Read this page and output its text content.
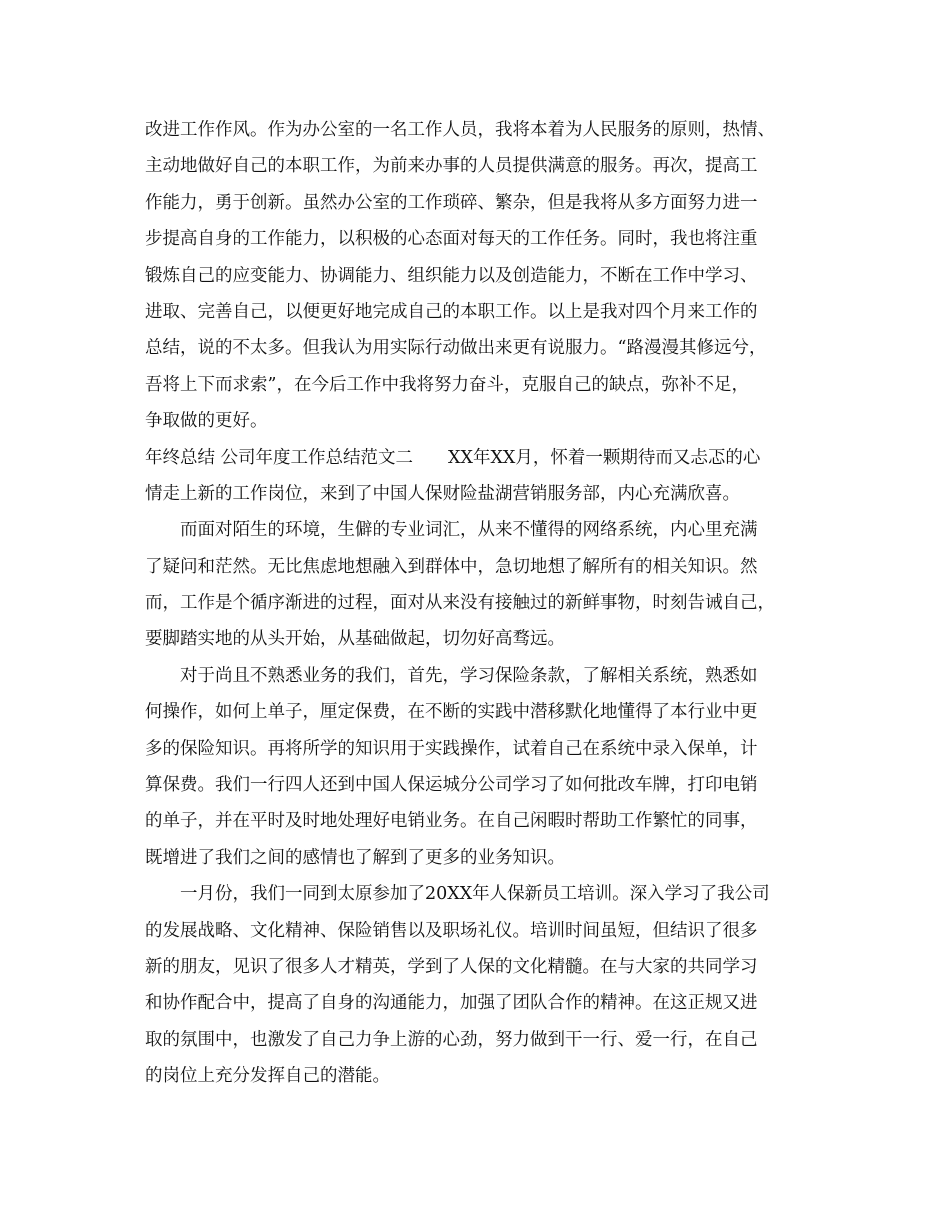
改进工作作风。作为办公室的一名工作人员，我将本着为人民服务的原则，热情、
主动地做好自己的本职工作，为前来办事的人员提供满意的服务。再次，提高工
作能力，勇于创新。虽然办公室的工作琐碎、繁杂，但是我将从多方面努力进一
步提高自身的工作能力，以积极的心态面对每天的工作任务。同时，我也将注重
锻炼自己的应变能力、协调能力、组织能力以及创造能力，不断在工作中学习、
进取、完善自己，以便更好地完成自己的本职工作。以上是我对四个月来工作的
总结，说的不太多。但我认为用实际行动做出来更有说服力。“路漫漫其修远兮，
吾将上下而求索”，在今后工作中我将努力奋斗，克服自己的缺点，弥补不足，
争取做的更好。
年终总结 公司年度工作总结范文二　　XX年XX月，怀着一颗期待而又忐忑的心
情走上新的工作岗位，来到了中国人保财险盐湖营销服务部，内心充满欣喜。
　　而面对陌生的环境，生僻的专业词汇，从来不懂得的网络系统，内心里充满
了疑问和茫然。无比焦虑地想融入到群体中，急切地想了解所有的相关知识。然
而，工作是个循序渐进的过程，面对从来没有接触过的新鲜事物，时刻告诫自己，
要脚踏实地的从头开始，从基础做起，切勿好高骛远。
　　对于尚且不熟悉业务的我们，首先，学习保险条款，了解相关系统，熟悉如
何操作，如何上单子，厘定保费，在不断的实践中潜移默化地懂得了本行业中更
多的保险知识。再将所学的知识用于实践操作，试着自己在系统中录入保单，计
算保费。我们一行四人还到中国人保运城分公司学习了如何批改车牌，打印电销
的单子，并在平时及时地处理好电销业务。在自己闲暇时帮助工作繁忙的同事，
既增进了我们之间的感情也了解到了更多的业务知识。
　　一月份，我们一同到太原参加了20XX年人保新员工培训。深入学习了我公司
的发展战略、文化精神、保险销售以及职场礼仪。培训时间虽短，但结识了很多
新的朋友，见识了很多人才精英，学到了人保的文化精髓。在与大家的共同学习
和协作配合中，提高了自身的沟通能力，加强了团队合作的精神。在这正规又进
取的氛围中，也激发了自己力争上游的心劲，努力做到干一行、爱一行，在自己
的岗位上充分发挥自己的潜能。
